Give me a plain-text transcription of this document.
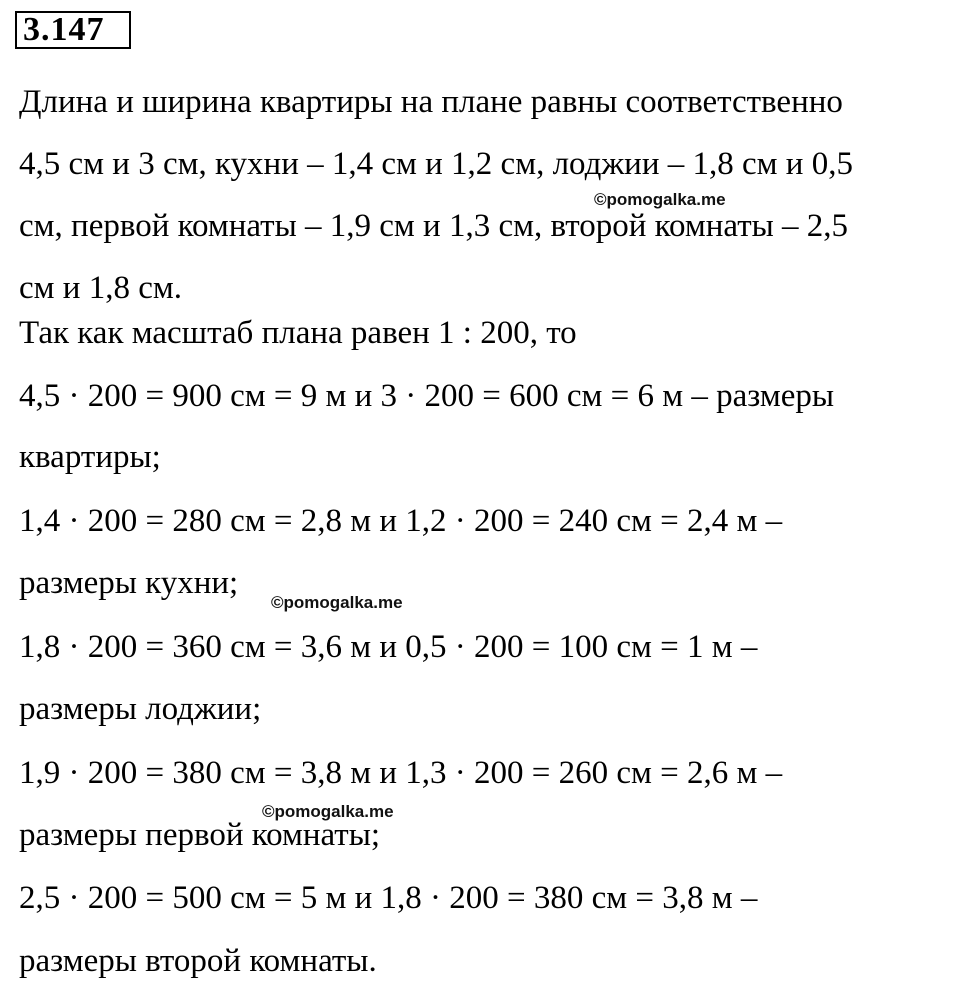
3.147
Длина и ширина квартиры на плане равны соответственно
4,5 см и 3 см, кухни – 1,4 см и 1,2 см, лоджии – 1,8 см и 0,5
см, первой комнаты – 1,9 см и 1,3 см, второй комнаты – 2,5
см и 1,8 см.
Так как масштаб плана равен 1 : 200, то
4,5 · 200 = 900 см = 9 м и 3 · 200 = 600 см = 6 м – размеры
квартиры;
1,4 · 200 = 280 см = 2,8 м и 1,2 · 200 = 240 см = 2,4 м –
размеры кухни;
1,8 · 200 = 360 см = 3,6 м и 0,5 · 200 = 100 см = 1 м –
размеры лоджии;
1,9 · 200 = 380 см = 3,8 м и 1,3 · 200 = 260 см = 2,6 м –
размеры первой комнаты;
2,5 · 200 = 500 см = 5 м и 1,8 · 200 = 380 см = 3,8 м –
размеры второй комнаты.
©pomogalka.me
©pomogalka.me
©pomogalka.me
